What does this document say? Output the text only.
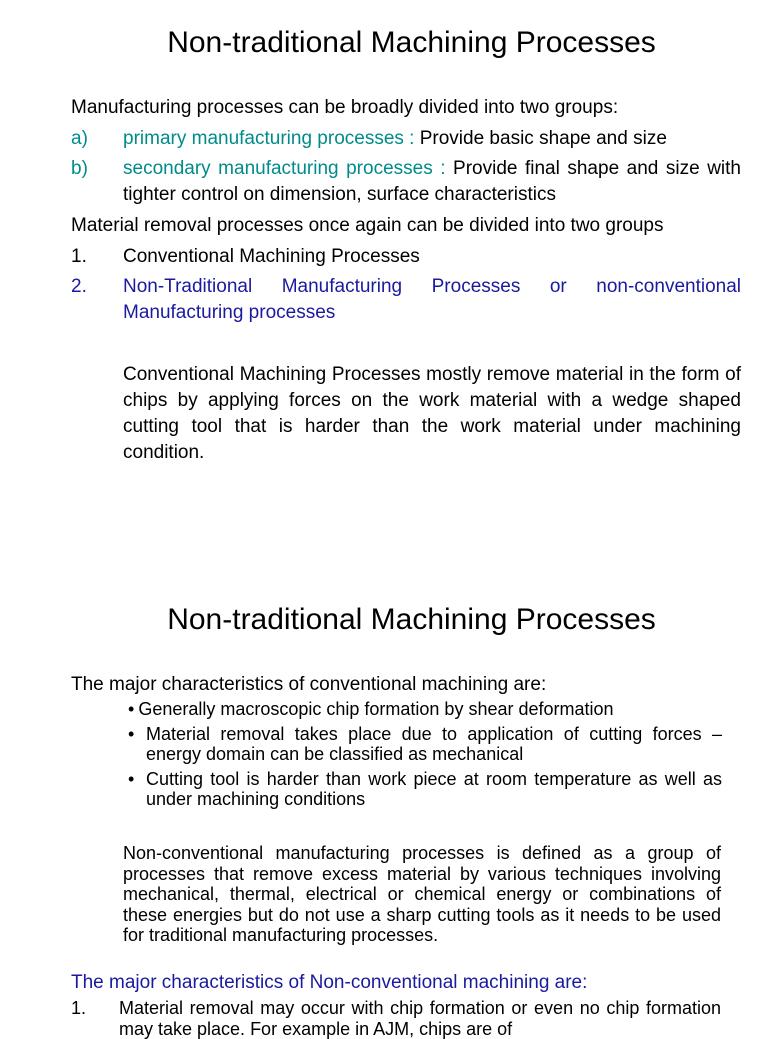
Non-traditional Machining Processes
Manufacturing processes can be broadly divided into two groups:
a) primary manufacturing processes : Provide basic shape and size
b) secondary manufacturing processes : Provide final shape and size with tighter control on dimension, surface characteristics
Material removal processes once again can be divided into two groups
1. Conventional Machining Processes
2. Non-Traditional Manufacturing Processes or non-conventional Manufacturing processes
Conventional Machining Processes mostly remove material in the form of chips by applying forces on the work material with a wedge shaped cutting tool that is harder than the work material under machining condition.
Non-traditional Machining Processes
The major characteristics of conventional machining are:
• Generally macroscopic chip formation by shear deformation
• Material removal takes place due to application of cutting forces – energy domain can be classified as mechanical
• Cutting tool is harder than work piece at room temperature as well as under machining conditions
Non-conventional manufacturing processes is defined as a group of processes that remove excess material by various techniques involving mechanical, thermal, electrical or chemical energy or combinations of these energies but do not use a sharp cutting tools as it needs to be used for traditional manufacturing processes.
The major characteristics of Non-conventional machining are:
1. Material removal may occur with chip formation or even no chip formation may take place. For example in AJM, chips are of
